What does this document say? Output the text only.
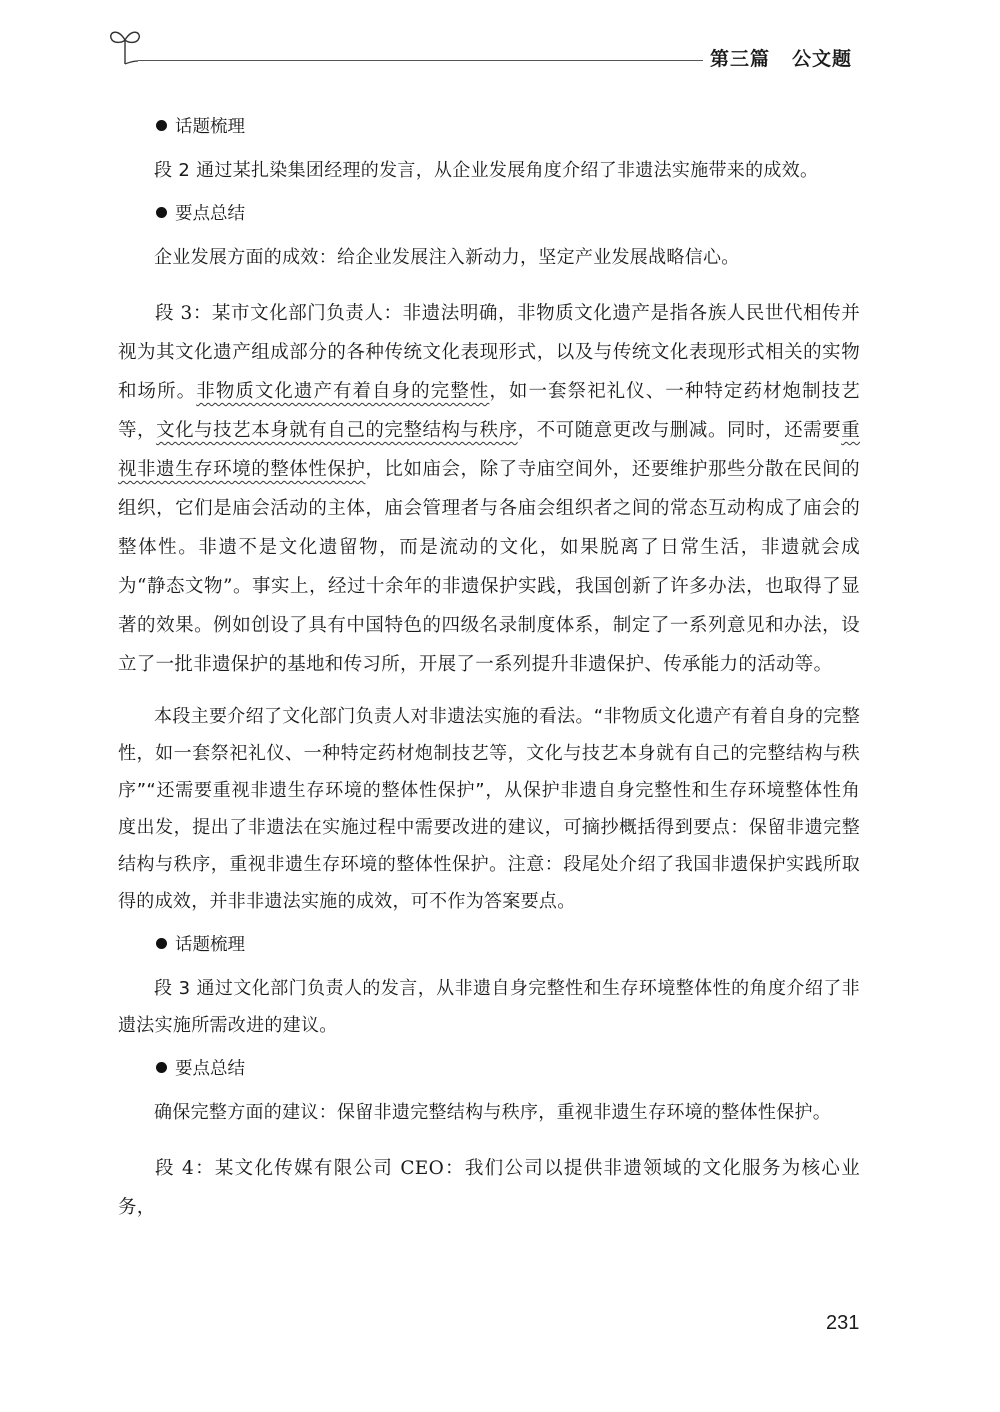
第三篇 公文题
话题梳理

段 2 通过某扎染集团经理的发言，从企业发展角度介绍了非遗法实施带来的成效。

要点总结

企业发展方面的成效：给企业发展注入新动力，坚定产业发展战略信心。

段 3：某市文化部门负责人：非遗法明确，非物质文化遗产是指各族人民世代相传并视为其文化遗产组成部分的各种传统文化表现形式，以及与传统文化表现形式相关的实物和场所。非物质文化遗产有着自身的完整性，如一套祭祀礼仪、一种特定药材炮制技艺等，文化与技艺本身就有自己的完整结构与秩序，不可随意更改与删减。同时，还需要重视非遗生存环境的整体性保护，比如庙会，除了寺庙空间外，还要维护那些分散在民间的组织，它们是庙会活动的主体，庙会管理者与各庙会组织者之间的常态互动构成了庙会的整体性。非遗不是文化遗留物，而是流动的文化，如果脱离了日常生活，非遗就会成为“静态文物”。事实上，经过十余年的非遗保护实践，我国创新了许多办法，也取得了显著的效果。例如创设了具有中国特色的四级名录制度体系，制定了一系列意见和办法，设立了一批非遗保护的基地和传习所，开展了一系列提升非遗保护、传承能力的活动等。

本段主要介绍了文化部门负责人对非遗法实施的看法。“非物质文化遗产有着自身的完整性，如一套祭祀礼仪、一种特定药材炮制技艺等，文化与技艺本身就有自己的完整结构与秩序”“还需要重视非遗生存环境的整体性保护”，从保护非遗自身完整性和生存环境整体性角度出发，提出了非遗法在实施过程中需要改进的建议，可摘抄概括得到要点：保留非遗完整结构与秩序，重视非遗生存环境的整体性保护。注意：段尾处介绍了我国非遗保护实践所取得的成效，并非非遗法实施的成效，可不作为答案要点。

话题梳理

段 3 通过文化部门负责人的发言，从非遗自身完整性和生存环境整体性的角度介绍了非遗法实施所需改进的建议。

要点总结

确保完整方面的建议：保留非遗完整结构与秩序，重视非遗生存环境的整体性保护。

段 4：某文化传媒有限公司 CEO：我们公司以提供非遗领域的文化服务为核心业务，

231
